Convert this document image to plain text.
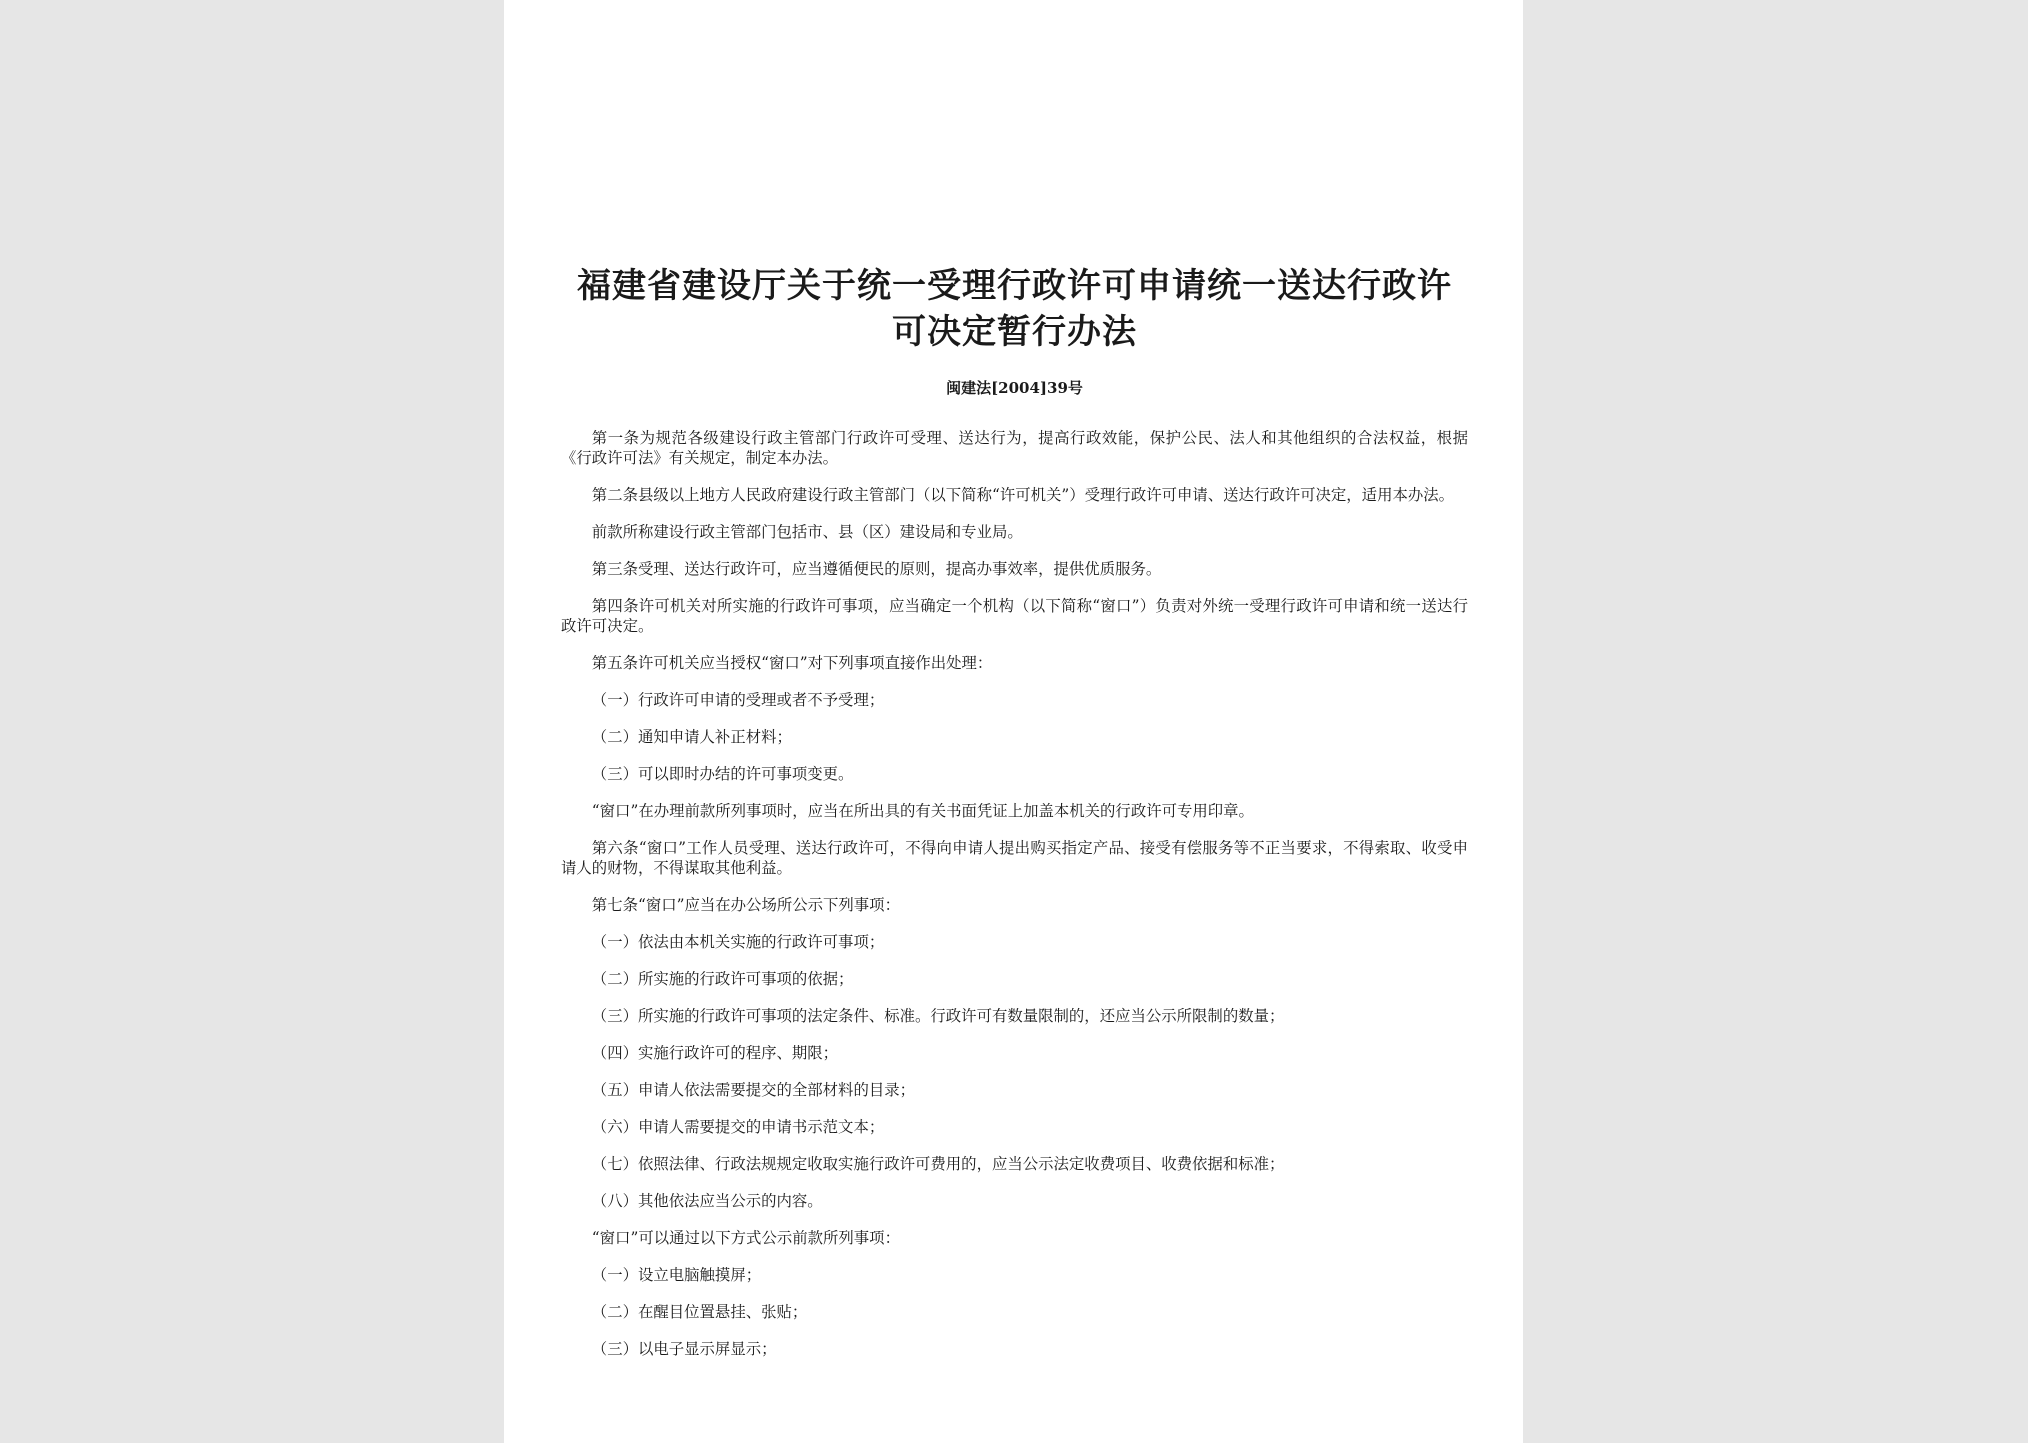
福建省建设厅关于统一受理行政许可申请统一送达行政许可决定暂行办法
闽建法[2004]39号

第一条为规范各级建设行政主管部门行政许可受理、送达行为，提高行政效能，保护公民、法人和其他组织的合法权益，根据《行政许可法》有关规定，制定本办法。

第二条县级以上地方人民政府建设行政主管部门（以下简称“许可机关”）受理行政许可申请、送达行政许可决定，适用本办法。

前款所称建设行政主管部门包括市、县（区）建设局和专业局。

第三条受理、送达行政许可，应当遵循便民的原则，提高办事效率，提供优质服务。

第四条许可机关对所实施的行政许可事项，应当确定一个机构（以下简称“窗口”）负责对外统一受理行政许可申请和统一送达行政许可决定。

第五条许可机关应当授权“窗口”对下列事项直接作出处理：

（一）行政许可申请的受理或者不予受理；

（二）通知申请人补正材料；

（三）可以即时办结的许可事项变更。

“窗口”在办理前款所列事项时，应当在所出具的有关书面凭证上加盖本机关的行政许可专用印章。

第六条“窗口”工作人员受理、送达行政许可，不得向申请人提出购买指定产品、接受有偿服务等不正当要求，不得索取、收受申请人的财物，不得谋取其他利益。

第七条“窗口”应当在办公场所公示下列事项：

（一）依法由本机关实施的行政许可事项；

（二）所实施的行政许可事项的依据；

（三）所实施的行政许可事项的法定条件、标准。行政许可有数量限制的，还应当公示所限制的数量；

（四）实施行政许可的程序、期限；

（五）申请人依法需要提交的全部材料的目录；

（六）申请人需要提交的申请书示范文本；

（七）依照法律、行政法规规定收取实施行政许可费用的，应当公示法定收费项目、收费依据和标准；

（八）其他依法应当公示的内容。

“窗口”可以通过以下方式公示前款所列事项：

（一）设立电脑触摸屏；

（二）在醒目位置悬挂、张贴；

（三）以电子显示屏显示；
